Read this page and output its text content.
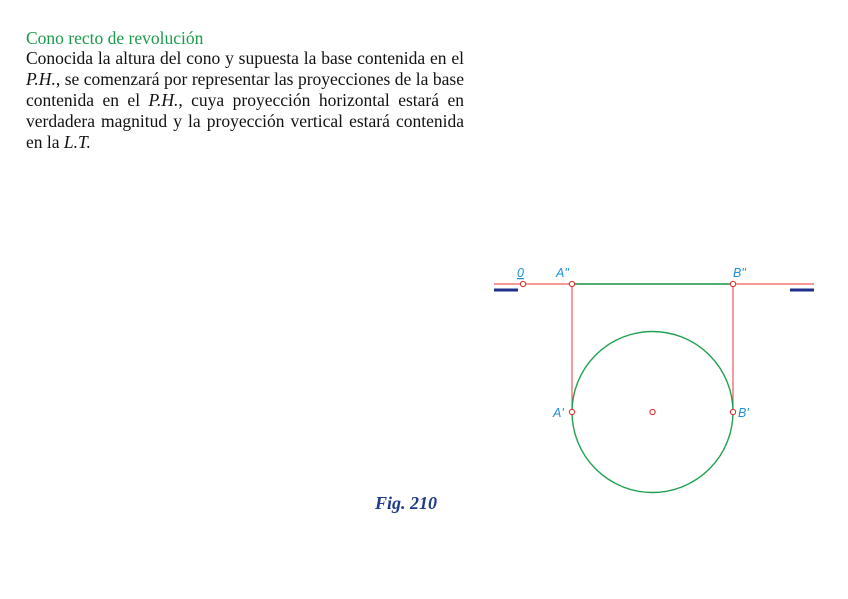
Cono recto de revolución

Conocida la altura del cono y supuesta la base contenida en el P.H., se comenzará por representar las proyecciones de la base contenida en el P.H., cuya proyección horizontal estará en verdadera magnitud y la proyección vertical estará contenida en la L.T.

0	A"	B"
A'	B'

Fig. 210
